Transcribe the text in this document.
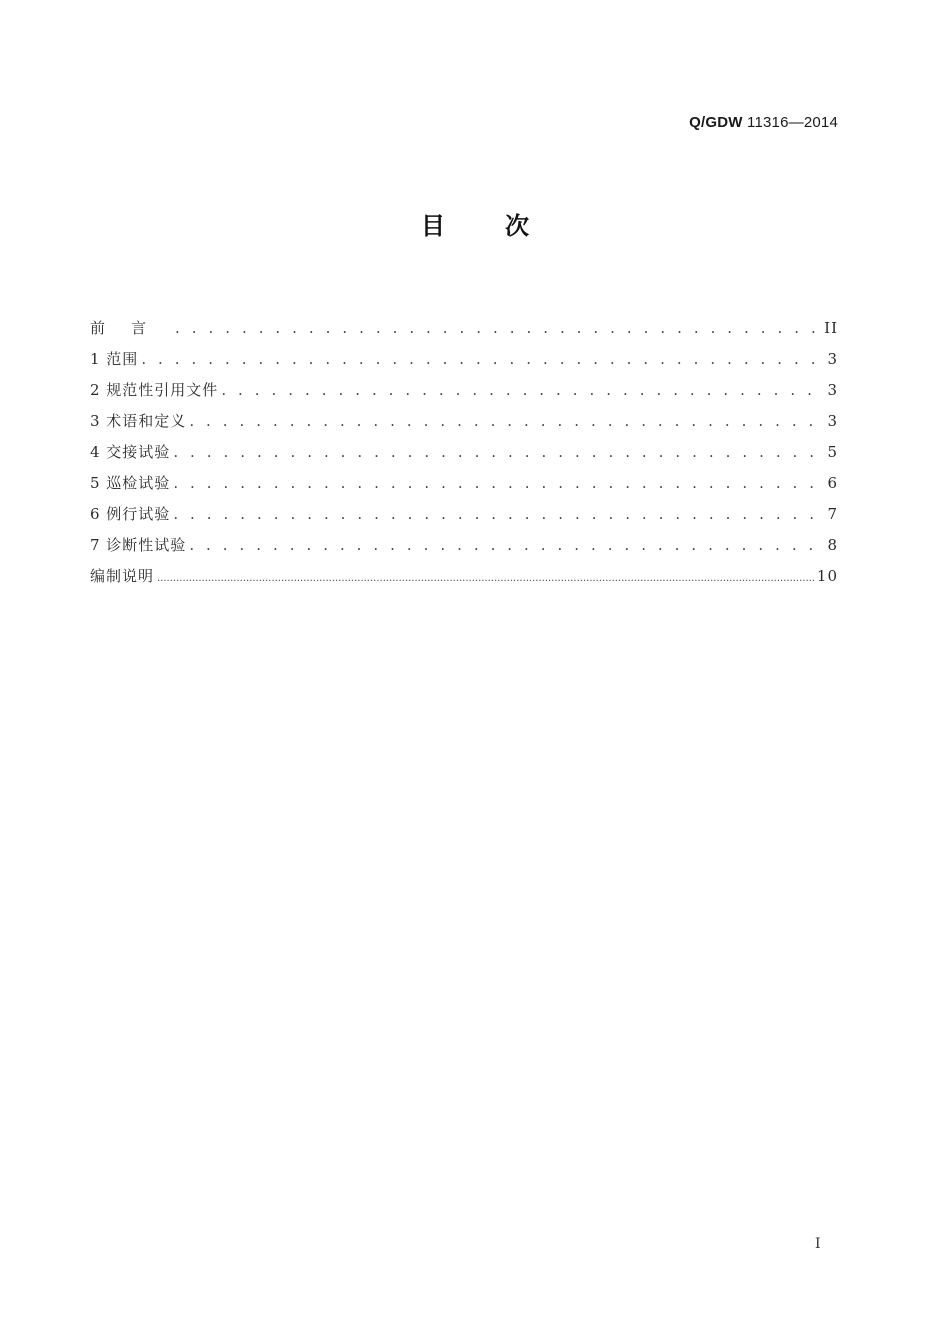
Q/GDW 11316—2014
目次
前言 . . .	II
1 范围 . . .	3
2 规范性引用文件 . . .	3
3 术语和定义 . . .	3
4 交接试验 . . .	5
5 巡检试验 . . .	6
6 例行试验 . . .	7
7 诊断性试验 . . .	8
编制说明 .....	10
I
